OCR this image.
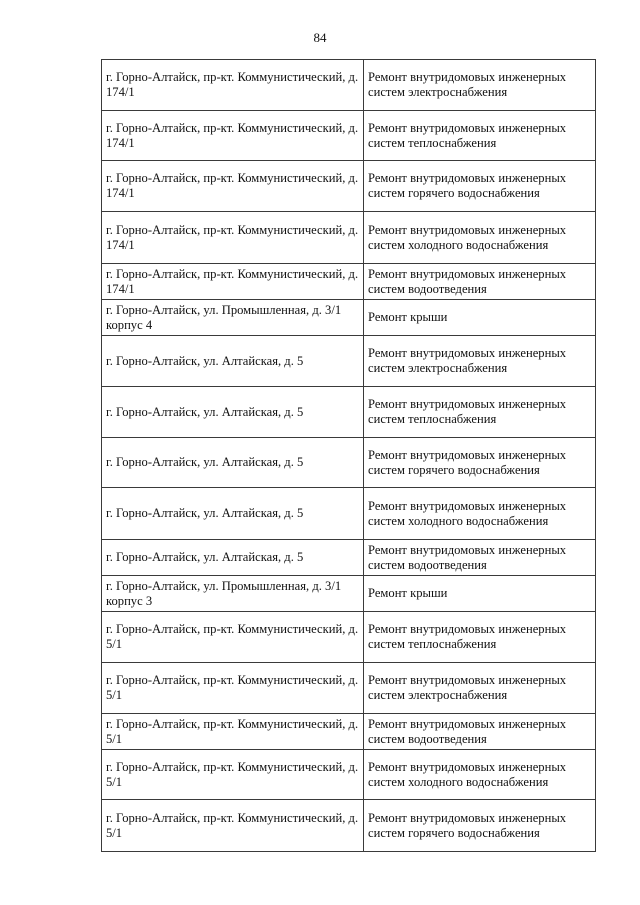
84
г. Горно-Алтайск, пр-кт. Коммунистический, д. 174/1	Ремонт внутридомовых инженерных систем электроснабжения
г. Горно-Алтайск, пр-кт. Коммунистический, д. 174/1	Ремонт внутридомовых инженерных систем теплоснабжения
г. Горно-Алтайск, пр-кт. Коммунистический, д. 174/1	Ремонт внутридомовых инженерных систем горячего водоснабжения
г. Горно-Алтайск, пр-кт. Коммунистический, д. 174/1	Ремонт внутридомовых инженерных систем холодного водоснабжения
г. Горно-Алтайск, пр-кт. Коммунистический, д. 174/1	Ремонт внутридомовых инженерных систем водоотведения
г. Горно-Алтайск, ул. Промышленная, д. 3/1 корпус 4	Ремонт крыши
г. Горно-Алтайск, ул. Алтайская, д. 5	Ремонт внутридомовых инженерных систем электроснабжения
г. Горно-Алтайск, ул. Алтайская, д. 5	Ремонт внутридомовых инженерных систем теплоснабжения
г. Горно-Алтайск, ул. Алтайская, д. 5	Ремонт внутридомовых инженерных систем горячего водоснабжения
г. Горно-Алтайск, ул. Алтайская, д. 5	Ремонт внутридомовых инженерных систем холодного водоснабжения
г. Горно-Алтайск, ул. Алтайская, д. 5	Ремонт внутридомовых инженерных систем водоотведения
г. Горно-Алтайск, ул. Промышленная, д. 3/1 корпус 3	Ремонт крыши
г. Горно-Алтайск, пр-кт. Коммунистический, д. 5/1	Ремонт внутридомовых инженерных систем теплоснабжения
г. Горно-Алтайск, пр-кт. Коммунистический, д. 5/1	Ремонт внутридомовых инженерных систем электроснабжения
г. Горно-Алтайск, пр-кт. Коммунистический, д. 5/1	Ремонт внутридомовых инженерных систем водоотведения
г. Горно-Алтайск, пр-кт. Коммунистический, д. 5/1	Ремонт внутридомовых инженерных систем холодного водоснабжения
г. Горно-Алтайск, пр-кт. Коммунистический, д. 5/1	Ремонт внутридомовых инженерных систем горячего водоснабжения
